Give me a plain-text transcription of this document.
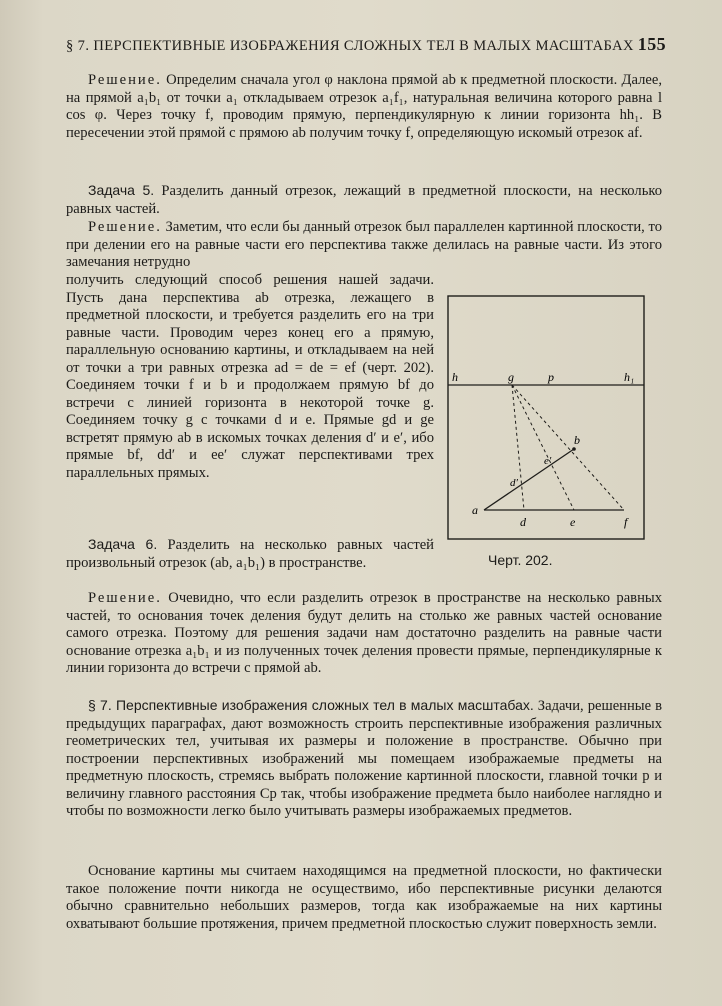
§ 7. ПЕРСПЕКТИВНЫЕ ИЗОБРАЖЕНИЯ СЛОЖНЫХ ТЕЛ В МАЛЫХ МАСШТАБАХ 155

Решение. Определим сначала угол φ наклона прямой ab к предметной плоскости. Далее, на прямой a₁b₁ от точки a₁ откладываем отрезок a₁f₁, натуральная величина которого равна l cos φ. Через точку f, проводим прямую, перпендикулярную к линии горизонта hh₁. В пересечении этой прямой с прямою ab получим точку f, определяющую искомый отрезок af.

Задача 5. Разделить данный отрезок, лежащий в предметной плоскости, на несколько равных частей.

Решение. Заметим, что если бы данный отрезок был параллелен картинной плоскости, то при делении его на равные части его перспектива также делилась на равные части. Из этого замечания нетрудно

получить следующий способ решения нашей задачи. Пусть дана перспектива ab отрезка, лежащего в предметной плоскости, и требуется разделить его на три равные части. Проводим через конец его a прямую, параллельную основанию картины, и откладываем на ней от точки a три равных отрезка ad = de = ef (черт. 202). Соединяем точки f и b и продолжаем прямую bf до встречи с линией горизонта в некоторой точке g. Соединяем точку g с точками d и e. Прямые gd и ge встретят прямую ab в искомых точках деления d′ и e′, ибо прямые bf, dd′ и ee′ служат перспективами трех параллельных прямых.

Задача 6. Разделить на несколько равных частей произвольный отрезок (ab, a₁b₁) в пространстве.

Решение. Очевидно, что если разделить отрезок в пространстве на несколько равных частей, то основания точек деления будут делить на столько же равных частей основание самого отрезка. Поэтому для решения задачи нам достаточно разделить на равные части основание отрезка a₁b₁ и из полученных точек деления провести прямые, перпендикулярные к линии горизонта до встречи с прямой ab.

§ 7. Перспективные изображения сложных тел в малых масштабах. Задачи, решенные в предыдущих параграфах, дают возможность строить перспективные изображения различных геометрических тел, учитывая их размеры и положение в пространстве. Обычно при построении перспективных изображений мы помещаем изображаемые предметы на предметную плоскость, стремясь выбрать положение картинной плоскости, главной точки p и величину главного расстояния Cp так, чтобы изображение предмета было наиболее наглядно и чтобы по возможности легко было учитывать размеры изображаемых предметов.

Основание картины мы считаем находящимся на предметной плоскости, но фактически такое положение почти никогда не осуществимо, ибо перспективные рисунки делаются обычно сравнительно небольших размеров, тогда как изображаемые на них картины охватывают большие протяжения, причем предметной плоскостью служит поверхность земли.

h	g	p	h₁
a
b
d	e	f
d′
e′
Черт. 202.
